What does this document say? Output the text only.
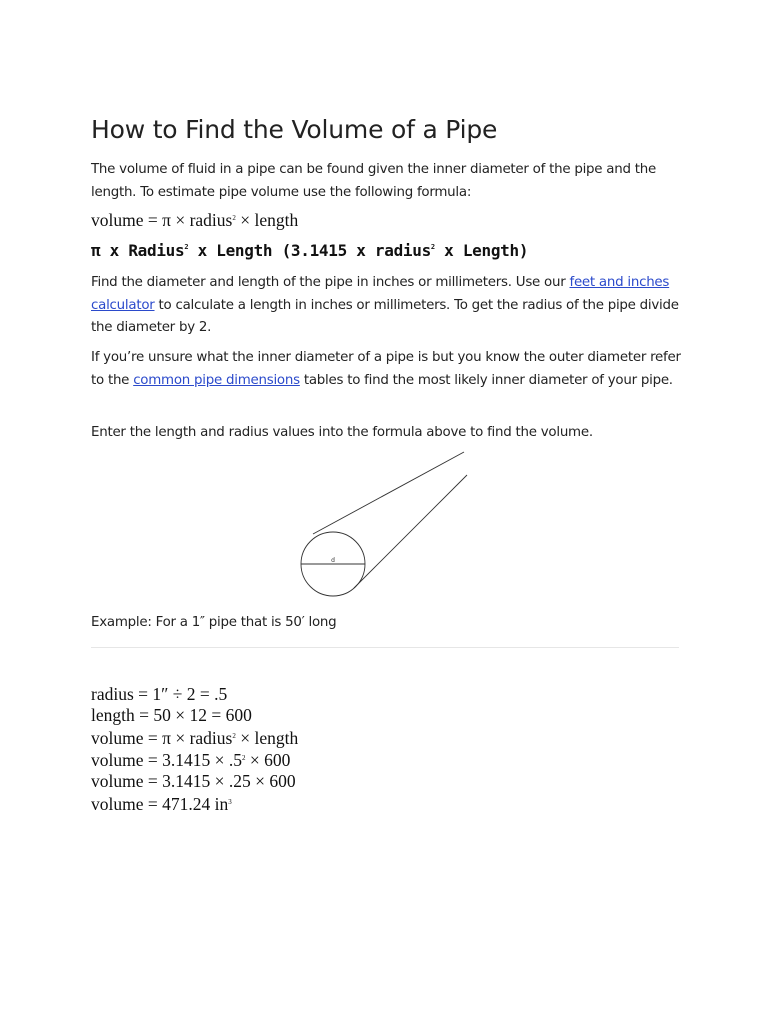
How to Find the Volume of a Pipe

The volume of fluid in a pipe can be found given the inner diameter of the pipe and the length. To estimate pipe volume use the following formula:

volume = π × radius$^2$ × length

π x Radius$^2$ x Length (3.1415 x radius$^2$ x Length)

Find the diameter and length of the pipe in inches or millimeters. Use our feet and inches calculator to calculate a length in inches or millimeters. To get the radius of the pipe divide the diameter by 2.

If you’re unsure what the inner diameter of a pipe is but you know the outer diameter refer to the common pipe dimensions tables to find the most likely inner diameter of your pipe.

Enter the length and radius values into the formula above to find the volume.

d

Example: For a 1″ pipe that is 50′ long

radius = 1″ ÷ 2 = .5
length = 50 × 12 = 600
volume = π × radius$^2$ × length
volume = $3.1415 \times .5^2 \times 600$
volume = 3.1415 × .25 × 600
volume = 471.24 $in^3$
